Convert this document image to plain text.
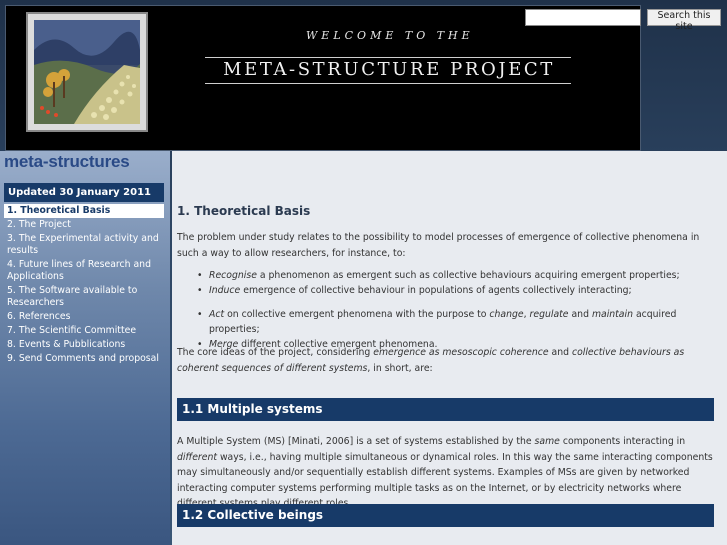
WELCOME TO THE
META-STRUCTURE PROJECT
Search this site
meta-structures
Updated 30 January 2011
1. Theoretical Basis
2. The Project
3. The Experimental activity and results
4. Future lines of Research and Applications
5. The Software available to Researchers
6. References
7. The Scientific Committee
8. Events & Pubblications
9. Send Comments and proposal
1. Theoretical Basis
The problem under study relates to the possibility to model processes of emergence of collective phenomena in such a way to allow researchers, for instance, to:
• Recognise a phenomenon as emergent such as collective behaviours acquiring emergent properties;
• Induce emergence of collective behaviour in populations of agents collectively interacting;
• Act on collective emergent phenomena with the purpose to change, regulate and maintain acquired properties;
• Merge different collective emergent phenomena.
The core ideas of the project, considering emergence as mesoscopic coherence and collective behaviours as coherent sequences of different systems, in short, are:
1.1 Multiple systems
A Multiple System (MS) [Minati, 2006] is a set of systems established by the same components interacting in different ways, i.e., having multiple simultaneous or dynamical roles. In this way the same interacting components may simultaneously and/or sequentially establish different systems. Examples of MSs are given by networked interacting computer systems performing multiple tasks as on the Internet, or by electricity networks where
1.2 Collective beings
